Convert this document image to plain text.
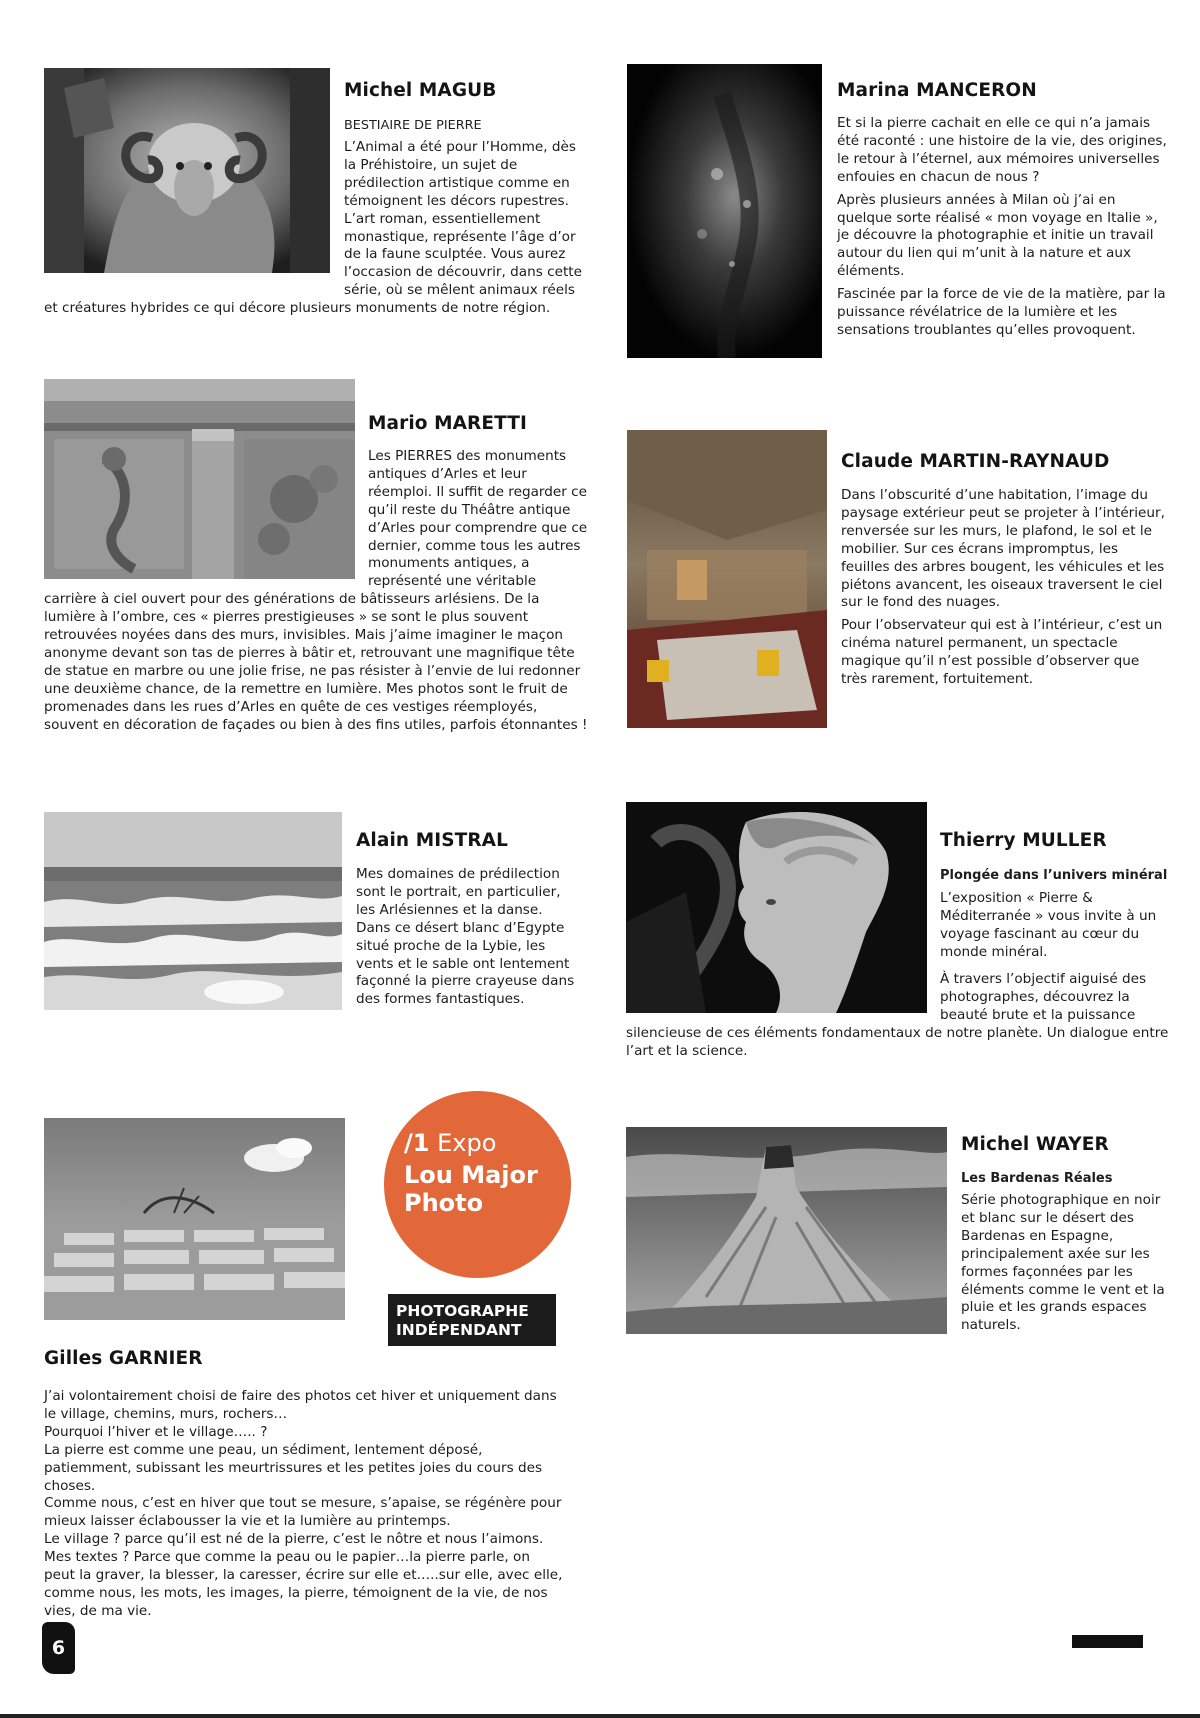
Michel MAGUB
BESTIAIRE DE PIERRE
L’Animal a été pour l’Homme, dès la Préhistoire, un sujet de prédilection artistique comme en témoignent les décors rupestres. L’art roman, essentiellement monastique, représente l’âge d’or de la faune sculptée. Vous aurez l’occasion de découvrir, dans cette série, où se mêlent animaux réels et créatures hybrides ce qui décore plusieurs monuments de notre région.
Marina MANCERON

Et si la pierre cachait en elle ce qui n’a jamais été raconté : une histoire de la vie, des origines, le retour à l’éternel, aux mémoires universelles enfouies en chacun de nous ?

Après plusieurs années à Milan où j’ai en quelque sorte réalisé « mon voyage en Italie », je découvre la photographie et initie un travail autour du lien qui m’unit à la nature et aux éléments.

Fascinée par la force de vie de la matière, par la puissance révélatrice de la lumière et les sensations troublantes qu’elles provoquent.

Mario MARETTI
Les PIERRES des monuments antiques d’Arles et leur réemploi. Il suffit de regarder ce qu’il reste du Théâtre antique d’Arles pour comprendre que ce dernier, comme tous les autres monuments antiques, a représenté une véritable carrière à ciel ouvert pour des générations de bâtisseurs arlésiens. De la lumière à l’ombre, ces « pierres prestigieuses » se sont le plus souvent retrouvées noyées dans des murs, invisibles. Mais j’aime imaginer le maçon anonyme devant son tas de pierres à bâtir et, retrouvant une magnifique tête de statue en marbre ou une jolie frise, ne pas résister à l’envie de lui redonner une deuxième chance, de la remettre en lumière. Mes photos sont le fruit de promenades dans les rues d’Arles en quête de ces vestiges réemployés, souvent en décoration de façades ou bien à des fins utiles, parfois étonnantes !
Claude MARTIN-RAYNAUD

Dans l’obscurité d’une habitation, l’image du paysage extérieur peut se projeter à l’intérieur, renversée sur les murs, le plafond, le sol et le mobilier. Sur ces écrans impromptus, les feuilles des arbres bougent, les véhicules et les piétons avancent, les oiseaux traversent le ciel sur le fond des nuages.

Pour l’observateur qui est à l’intérieur, c’est un cinéma naturel permanent, un spectacle magique qu’il n’est possible d’observer que très rarement, fortuitement.

Alain MISTRAL
Mes domaines de prédilection sont le portrait, en particulier, les Arlésiennes et la danse. Dans ce désert blanc d’Egypte situé proche de la Lybie, les vents et le sable ont lentement façonné la pierre crayeuse dans des formes fantastiques.
Thierry MULLER
Plongée dans l’univers minéral
L’exposition « Pierre & Méditerranée » vous invite à un voyage fascinant au cœur du monde minéral.
À travers l’objectif aiguisé des photographes, découvrez la beauté brute et la puissance silencieuse de ces éléments fondamentaux de notre planète. Un dialogue entre l’art et la science.
/1 Expo
Lou Major
Photo
PHOTOGRAPHE
INDÉPENDANT
Gilles GARNIER
J’ai volontairement choisi de faire des photos cet hiver et uniquement dans le village, chemins, murs, rochers…
Pourquoi l’hiver et le village….. ?
La pierre est comme une peau, un sédiment, lentement déposé, patiemment, subissant les meurtrissures et les petites joies du cours des choses.
Comme nous, c’est en hiver que tout se mesure, s’apaise, se régénère pour mieux laisser éclabousser la vie et la lumière au printemps.
Le village ? parce qu’il est né de la pierre, c’est le nôtre et nous l’aimons.
Mes textes ? Parce que comme la peau ou le papier…la pierre parle, on peut la graver, la blesser, la caresser, écrire sur elle et…..sur elle, avec elle, comme nous, les mots, les images, la pierre, témoignent de la vie, de nos vies, de ma vie.
Michel WAYER
Les Bardenas Réales
Série photographique en noir et blanc sur le désert des Bardenas en Espagne, principalement axée sur les formes façonnées par les éléments comme le vent et la pluie et les grands espaces naturels.
6
